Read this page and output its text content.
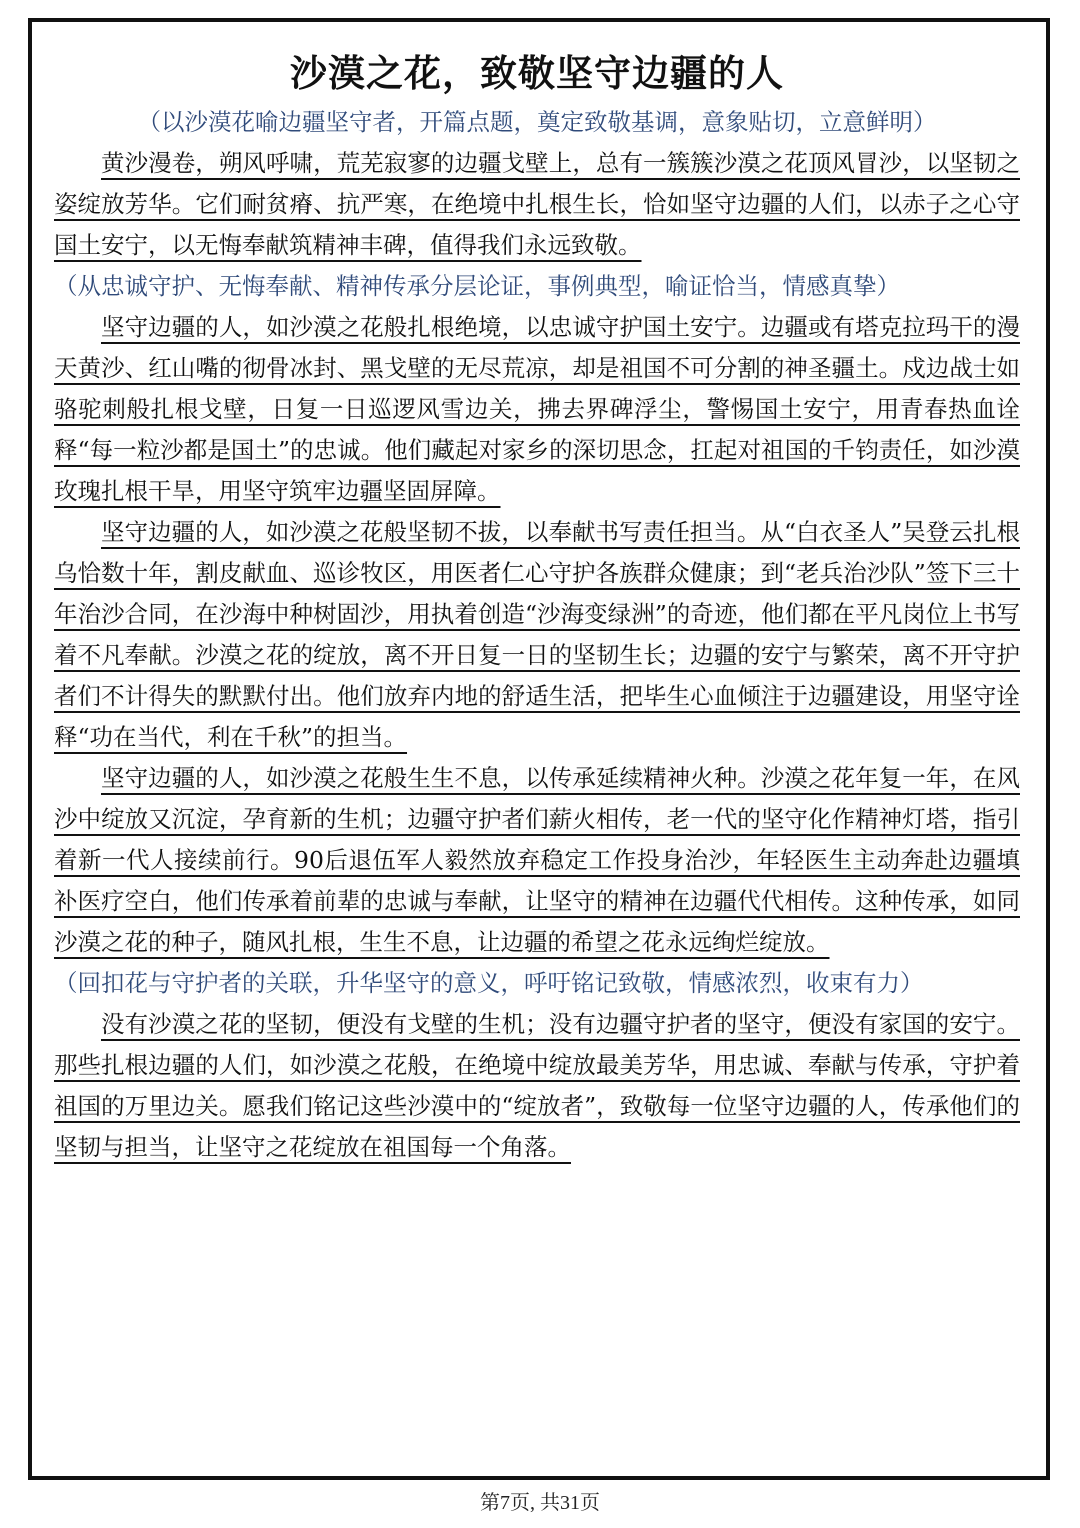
沙漠之花，致敬坚守边疆的人

（以沙漠花喻边疆坚守者，开篇点题，奠定致敬基调，意象贴切，立意鲜明）

黄沙漫卷，朔风呼啸，荒芜寂寥的边疆戈壁上，总有一簇簇沙漠之花顶风冒沙，以坚韧之姿绽放芳华。它们耐贫瘠、抗严寒，在绝境中扎根生长，恰如坚守边疆的人们，以赤子之心守国土安宁，以无悔奉献筑精神丰碑，值得我们永远致敬。

（从忠诚守护、无悔奉献、精神传承分层论证，事例典型，喻证恰当，情感真挚）

坚守边疆的人，如沙漠之花般扎根绝境，以忠诚守护国土安宁。边疆或有塔克拉玛干的漫天黄沙、红山嘴的彻骨冰封、黑戈壁的无尽荒凉，却是祖国不可分割的神圣疆土。戍边战士如骆驼刺般扎根戈壁，日复一日巡逻风雪边关，拂去界碑浮尘，警惕国土安宁，用青春热血诠释“每一粒沙都是国土”的忠诚。他们藏起对家乡的深切思念，扛起对祖国的千钧责任，如沙漠玫瑰扎根干旱，用坚守筑牢边疆坚固屏障。

坚守边疆的人，如沙漠之花般坚韧不拔，以奉献书写责任担当。从“白衣圣人”吴登云扎根乌恰数十年，割皮献血、巡诊牧区，用医者仁心守护各族群众健康；到“老兵治沙队”签下三十年治沙合同，在沙海中种树固沙，用执着创造“沙海变绿洲”的奇迹，他们都在平凡岗位上书写着不凡奉献。沙漠之花的绽放，离不开日复一日的坚韧生长；边疆的安宁与繁荣，离不开守护者们不计得失的默默付出。他们放弃内地的舒适生活，把毕生心血倾注于边疆建设，用坚守诠释“功在当代，利在千秋”的担当。

坚守边疆的人，如沙漠之花般生生不息，以传承延续精神火种。沙漠之花年复一年，在风沙中绽放又沉淀，孕育新的生机；边疆守护者们薪火相传，老一代的坚守化作精神灯塔，指引着新一代人接续前行。90后退伍军人毅然放弃稳定工作投身治沙，年轻医生主动奔赴边疆填补医疗空白，他们传承着前辈的忠诚与奉献，让坚守的精神在边疆代代相传。这种传承，如同沙漠之花的种子，随风扎根，生生不息，让边疆的希望之花永远绚烂绽放。

（回扣花与守护者的关联，升华坚守的意义，呼吁铭记致敬，情感浓烈，收束有力）

没有沙漠之花的坚韧，便没有戈壁的生机；没有边疆守护者的坚守，便没有家国的安宁。那些扎根边疆的人们，如沙漠之花般，在绝境中绽放最美芳华，用忠诚、奉献与传承，守护着祖国的万里边关。愿我们铭记这些沙漠中的“绽放者”，致敬每一位坚守边疆的人，传承他们的坚韧与担当，让坚守之花绽放在祖国每一个角落。

第7页, 共31页
